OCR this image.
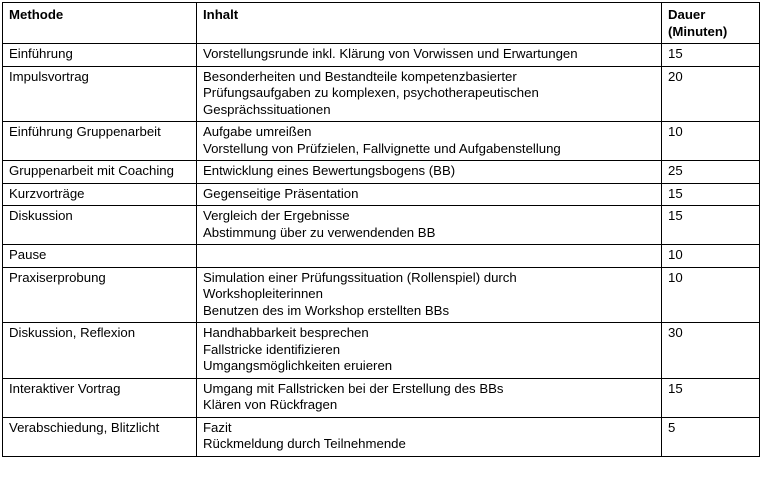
Methode	Inhalt	Dauer
(Minuten)

Einführung	Vorstellungsrunde inkl. Klärung von Vorwissen und Erwartungen	15
Impulsvortrag	Besonderheiten und Bestandteile kompetenzbasierter
Prüfungsaufgaben zu komplexen, psychotherapeutischen
Gesprächssituationen	20
Einführung Gruppenarbeit	Aufgabe umreißen
Vorstellung von Prüfzielen, Fallvignette und Aufgabenstellung	10
Gruppenarbeit mit Coaching	Entwicklung eines Bewertungsbogens (BB)	25
Kurzvorträge	Gegenseitige Präsentation	15
Diskussion	Vergleich der Ergebnisse
Abstimmung über zu verwendenden BB	15
Pause		10
Praxiserprobung	Simulation einer Prüfungssituation (Rollenspiel) durch
Workshopleiterinnen
Benutzen des im Workshop erstellten BBs	10
Diskussion, Reflexion	Handhabbarkeit besprechen
Fallstricke identifizieren
Umgangsmöglichkeiten eruieren	30
Interaktiver Vortrag	Umgang mit Fallstricken bei der Erstellung des BBs
Klären von Rückfragen	15
Verabschiedung, Blitzlicht	Fazit
Rückmeldung durch Teilnehmende	5
